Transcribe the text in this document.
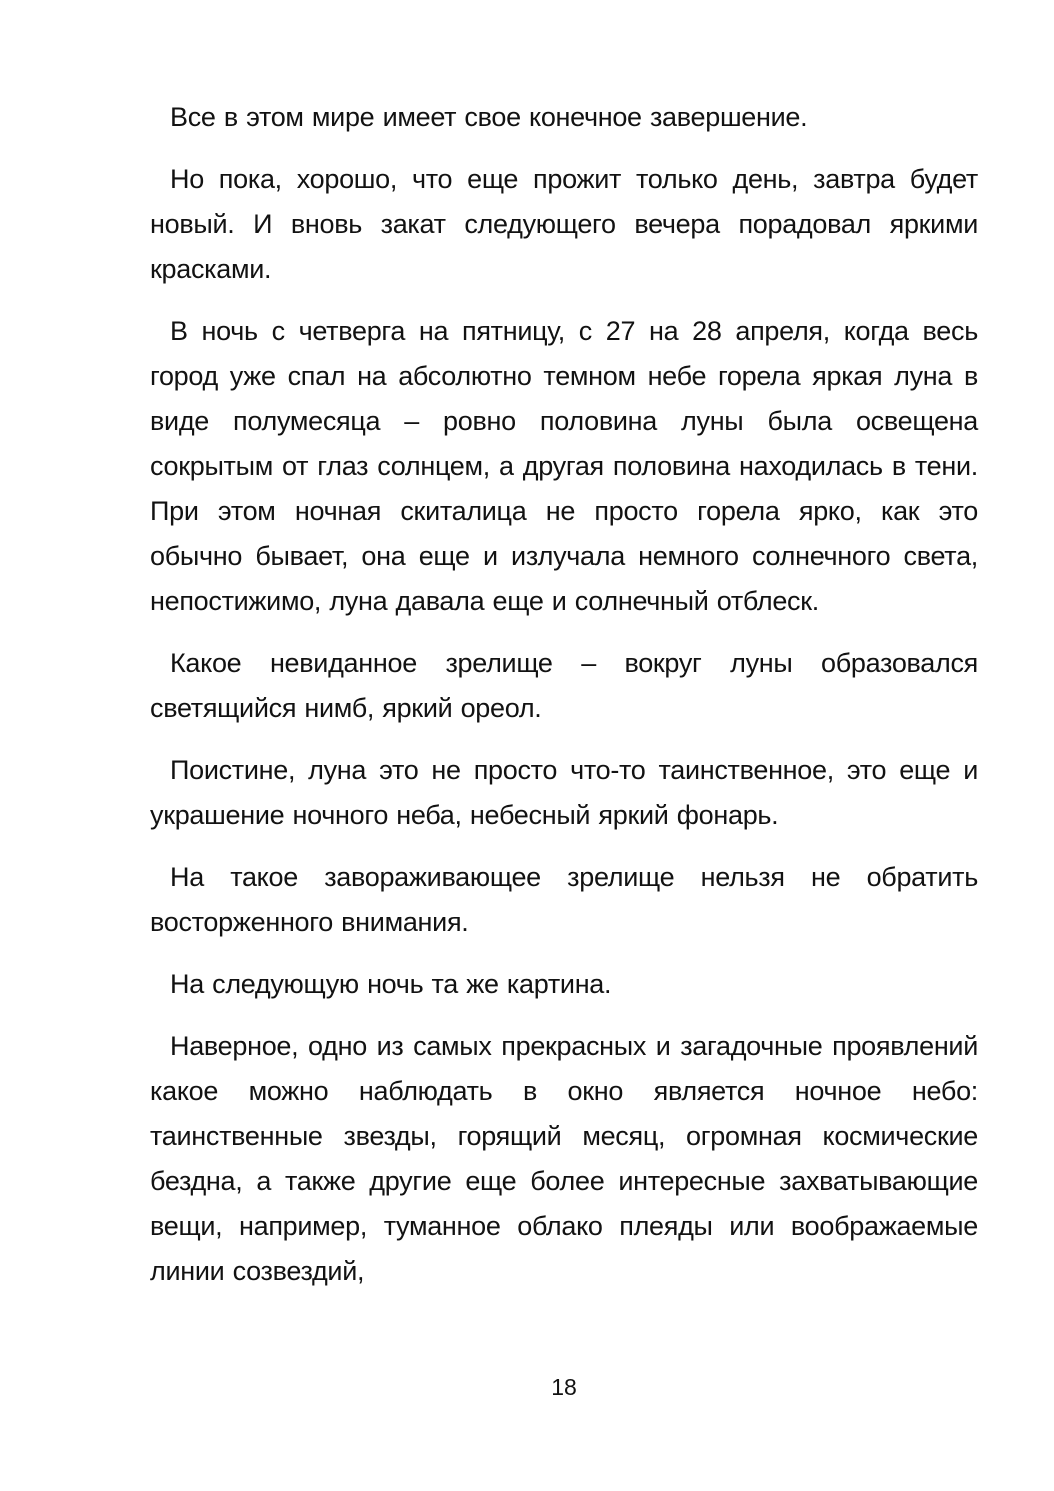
Все в этом мире имеет свое конечное завершение.

Но пока, хорошо, что еще прожит только день, завтра будет новый. И вновь закат следующего вечера порадовал яркими красками.

В ночь с четверга на пятницу, с 27 на 28 апреля, когда весь город уже спал на абсолютно темном небе горела яркая луна в виде полумесяца – ровно половина луны была освещена сокрытым от глаз солнцем, а другая половина находилась в тени. При этом ночная скиталица не просто горела ярко, как это обычно бывает, она еще и излучала немного солнечного света, непостижимо, луна давала еще и солнечный отблеск.

Какое невиданное зрелище – вокруг луны образовался светящийся нимб, яркий ореол.

Поистине, луна это не просто что-то таинственное, это еще и украшение ночного неба, небесный яркий фонарь.

На такое завораживающее зрелище нельзя не обратить восторженного внимания.

На следующую ночь та же картина.

Наверное, одно из самых прекрасных и загадочные проявлений какое можно наблюдать в окно является ночное небо: таинственные звезды, горящий месяц, огромная космические бездна, а также другие еще более интересные захватывающие вещи, например, туманное облако плеяды или воображаемые линии созвездий,

18
